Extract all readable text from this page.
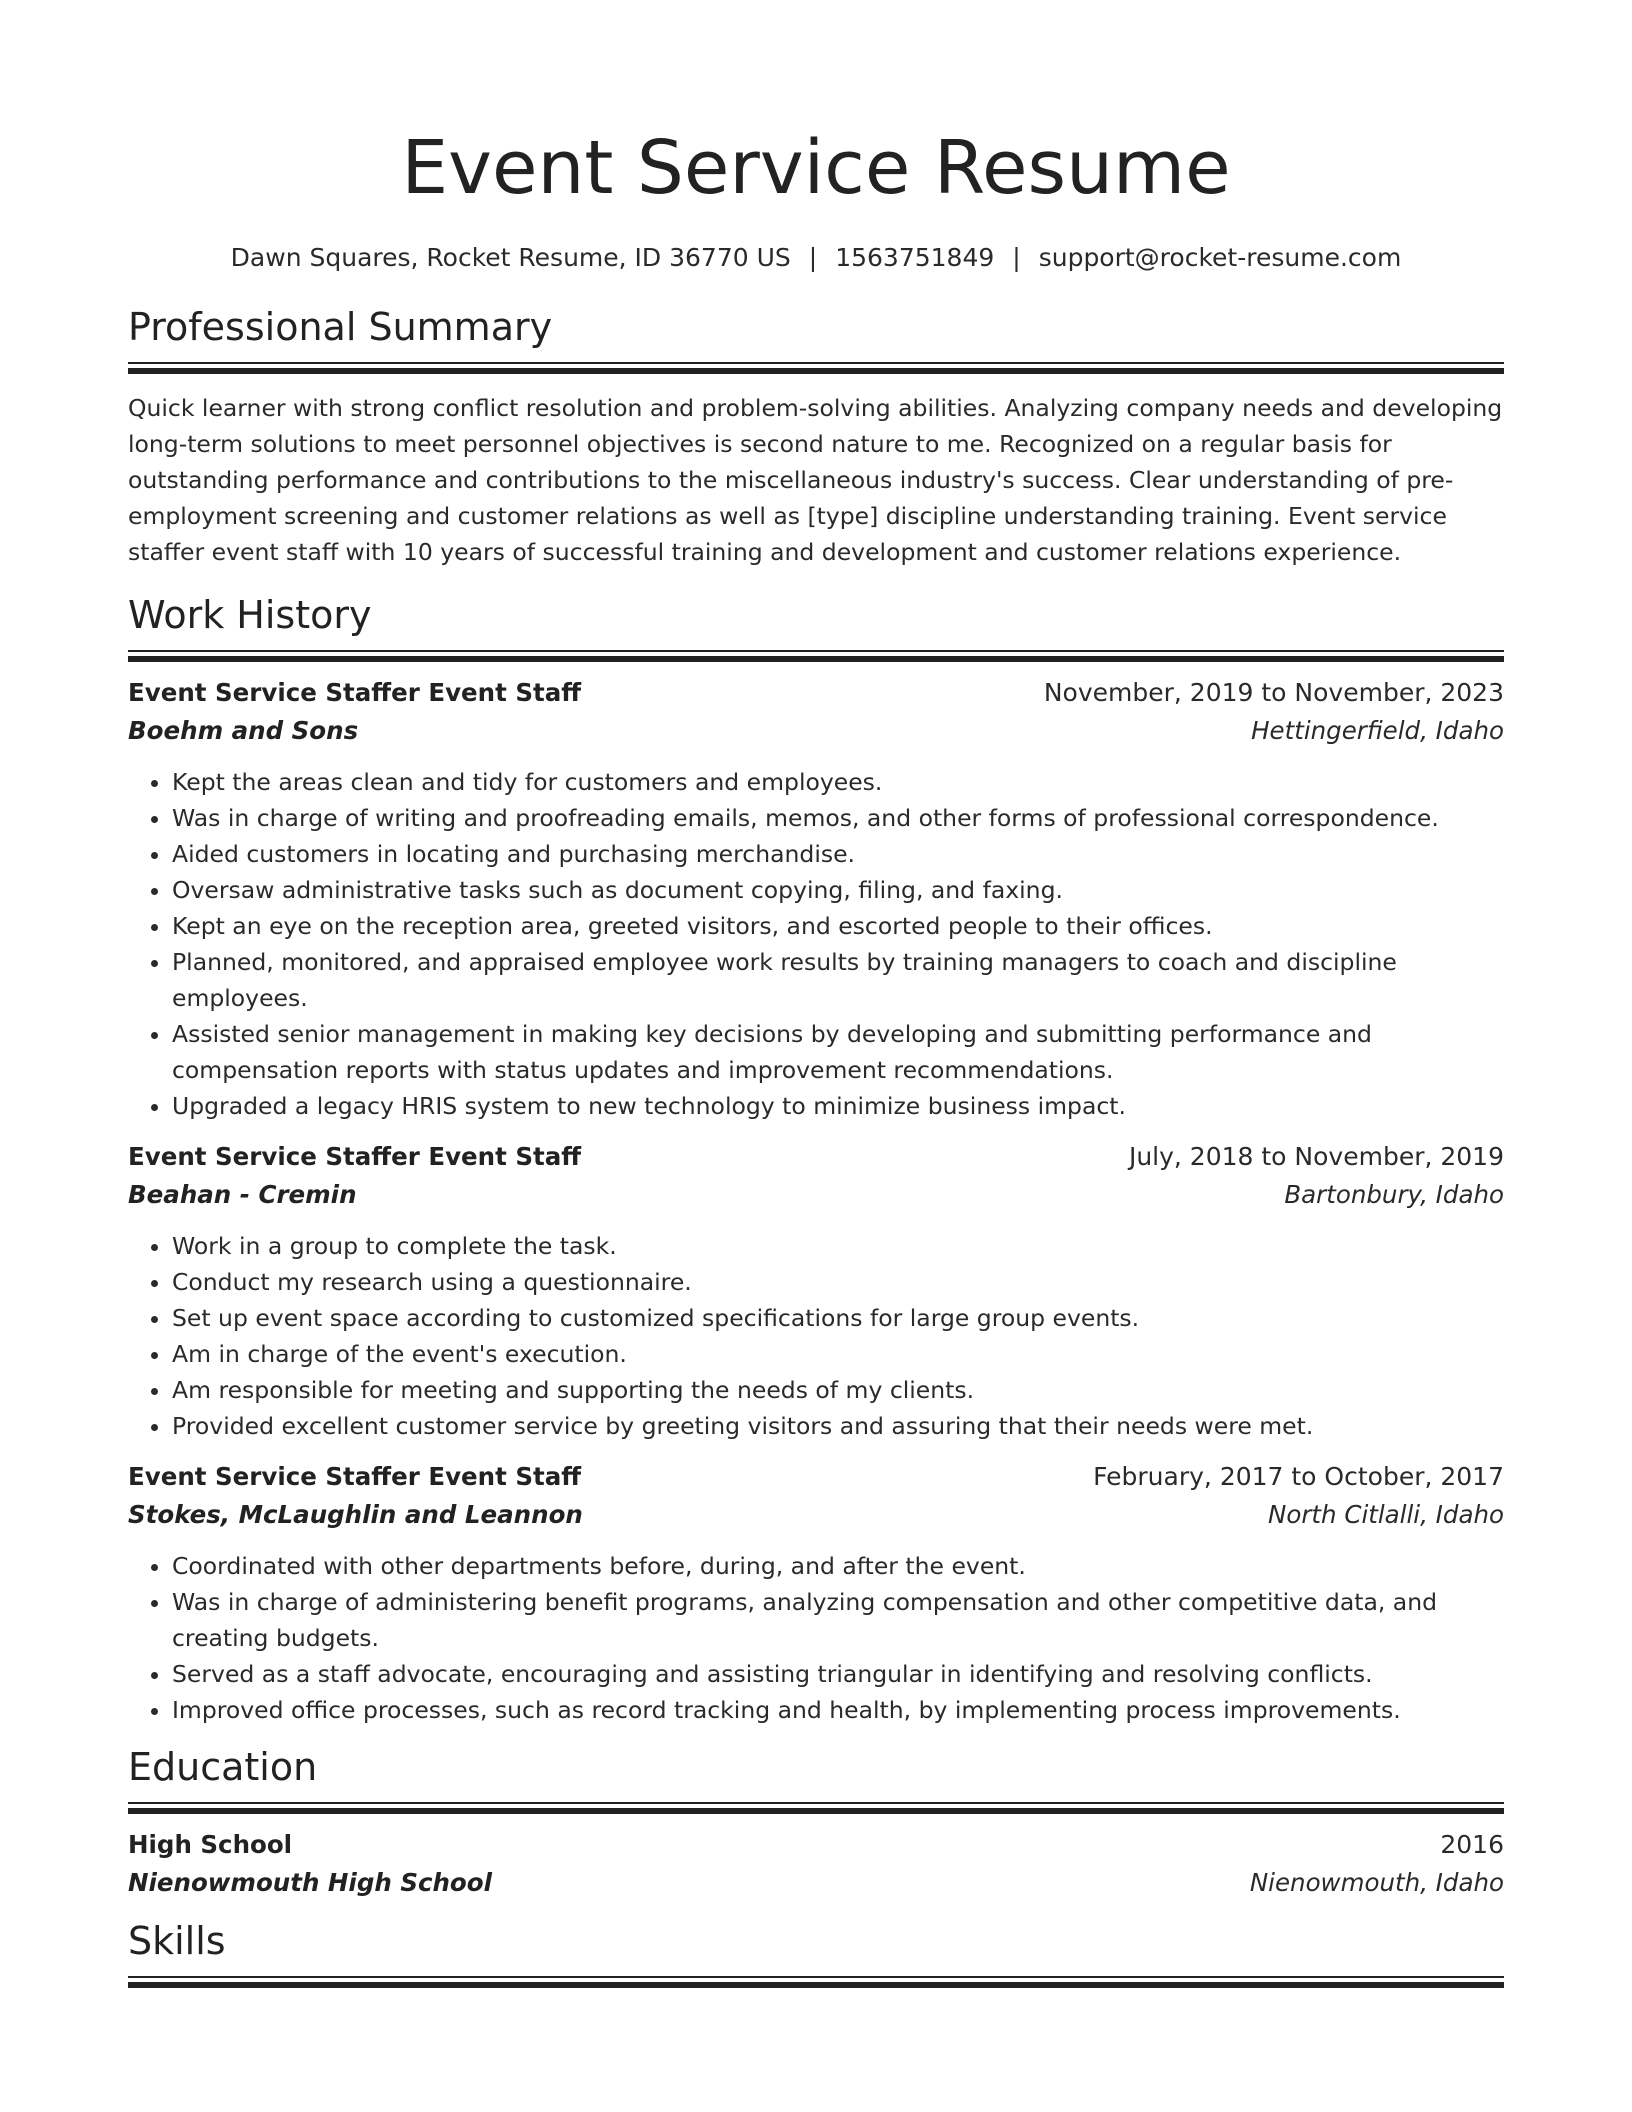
Event Service Resume
Dawn Squares, Rocket Resume, ID 36770 US | 1563751849 | support@rocket-resume.com
Professional Summary
Quick learner with strong conflict resolution and problem-solving abilities. Analyzing company needs and developing long-term solutions to meet personnel objectives is second nature to me. Recognized on a regular basis for outstanding performance and contributions to the miscellaneous industry's success. Clear understanding of pre-employment screening and customer relations as well as [type] discipline understanding training. Event service staffer event staff with 10 years of successful training and development and customer relations experience.
Work History
Event Service Staffer Event Staff	November, 2019 to November, 2023
Boehm and Sons	Hettingerfield, Idaho
• Kept the areas clean and tidy for customers and employees.
• Was in charge of writing and proofreading emails, memos, and other forms of professional correspondence.
• Aided customers in locating and purchasing merchandise.
• Oversaw administrative tasks such as document copying, filing, and faxing.
• Kept an eye on the reception area, greeted visitors, and escorted people to their offices.
• Planned, monitored, and appraised employee work results by training managers to coach and discipline employees.
• Assisted senior management in making key decisions by developing and submitting performance and compensation reports with status updates and improvement recommendations.
• Upgraded a legacy HRIS system to new technology to minimize business impact.
Event Service Staffer Event Staff	July, 2018 to November, 2019
Beahan - Cremin	Bartonbury, Idaho
• Work in a group to complete the task.
• Conduct my research using a questionnaire.
• Set up event space according to customized specifications for large group events.
• Am in charge of the event's execution.
• Am responsible for meeting and supporting the needs of my clients.
• Provided excellent customer service by greeting visitors and assuring that their needs were met.
Event Service Staffer Event Staff	February, 2017 to October, 2017
Stokes, McLaughlin and Leannon	North Citlalli, Idaho
• Coordinated with other departments before, during, and after the event.
• Was in charge of administering benefit programs, analyzing compensation and other competitive data, and creating budgets.
• Served as a staff advocate, encouraging and assisting triangular in identifying and resolving conflicts.
• Improved office processes, such as record tracking and health, by implementing process improvements.
Education
High School	2016
Nienowmouth High School	Nienowmouth, Idaho
Skills
